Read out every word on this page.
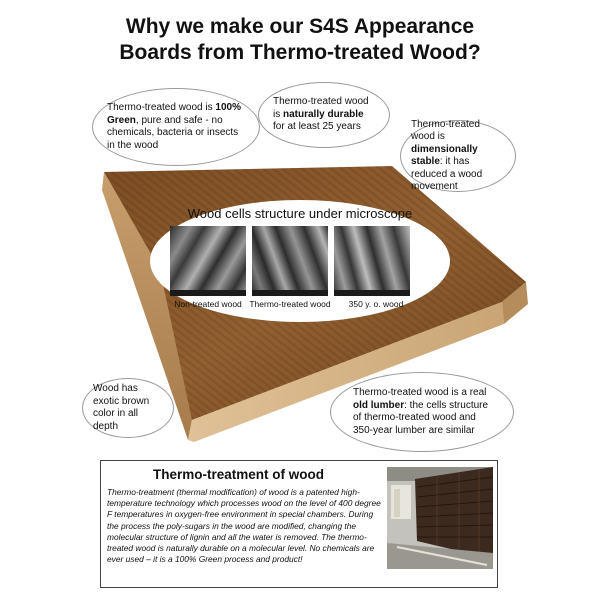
Why we make our S4S Appearance
Boards from Thermo-treated Wood?
Wood cells structure under microscope
Non-treated wood Thermo-treated wood	350 y. o. wood
Thermo-treated wood is 100% Green, pure and safe - no chemicals, bacteria or insects in the wood
Thermo-treated wood is naturally durable for at least 25 years	Thermo-treated wood is dimensionally stable: it has reduced a wood movement
Wood has exotic brown color in all depth
Thermo-treated wood is a real old lumber: the cells structure of thermo-treated wood and 350-year lumber are similar
Thermo-treatment of wood
Thermo-treatment (thermal modification) of wood is a patented high-temperature technology which processes wood on the level of 400 degree F temperatures in oxygen-free environment in special chambers. During the process the poly-sugars in the wood are modified, changing the molecular structure of lignin and all the water is removed. The thermo-treated wood is naturally durable on a molecular level. No chemicals are ever used – it is a 100% Green process and product!
